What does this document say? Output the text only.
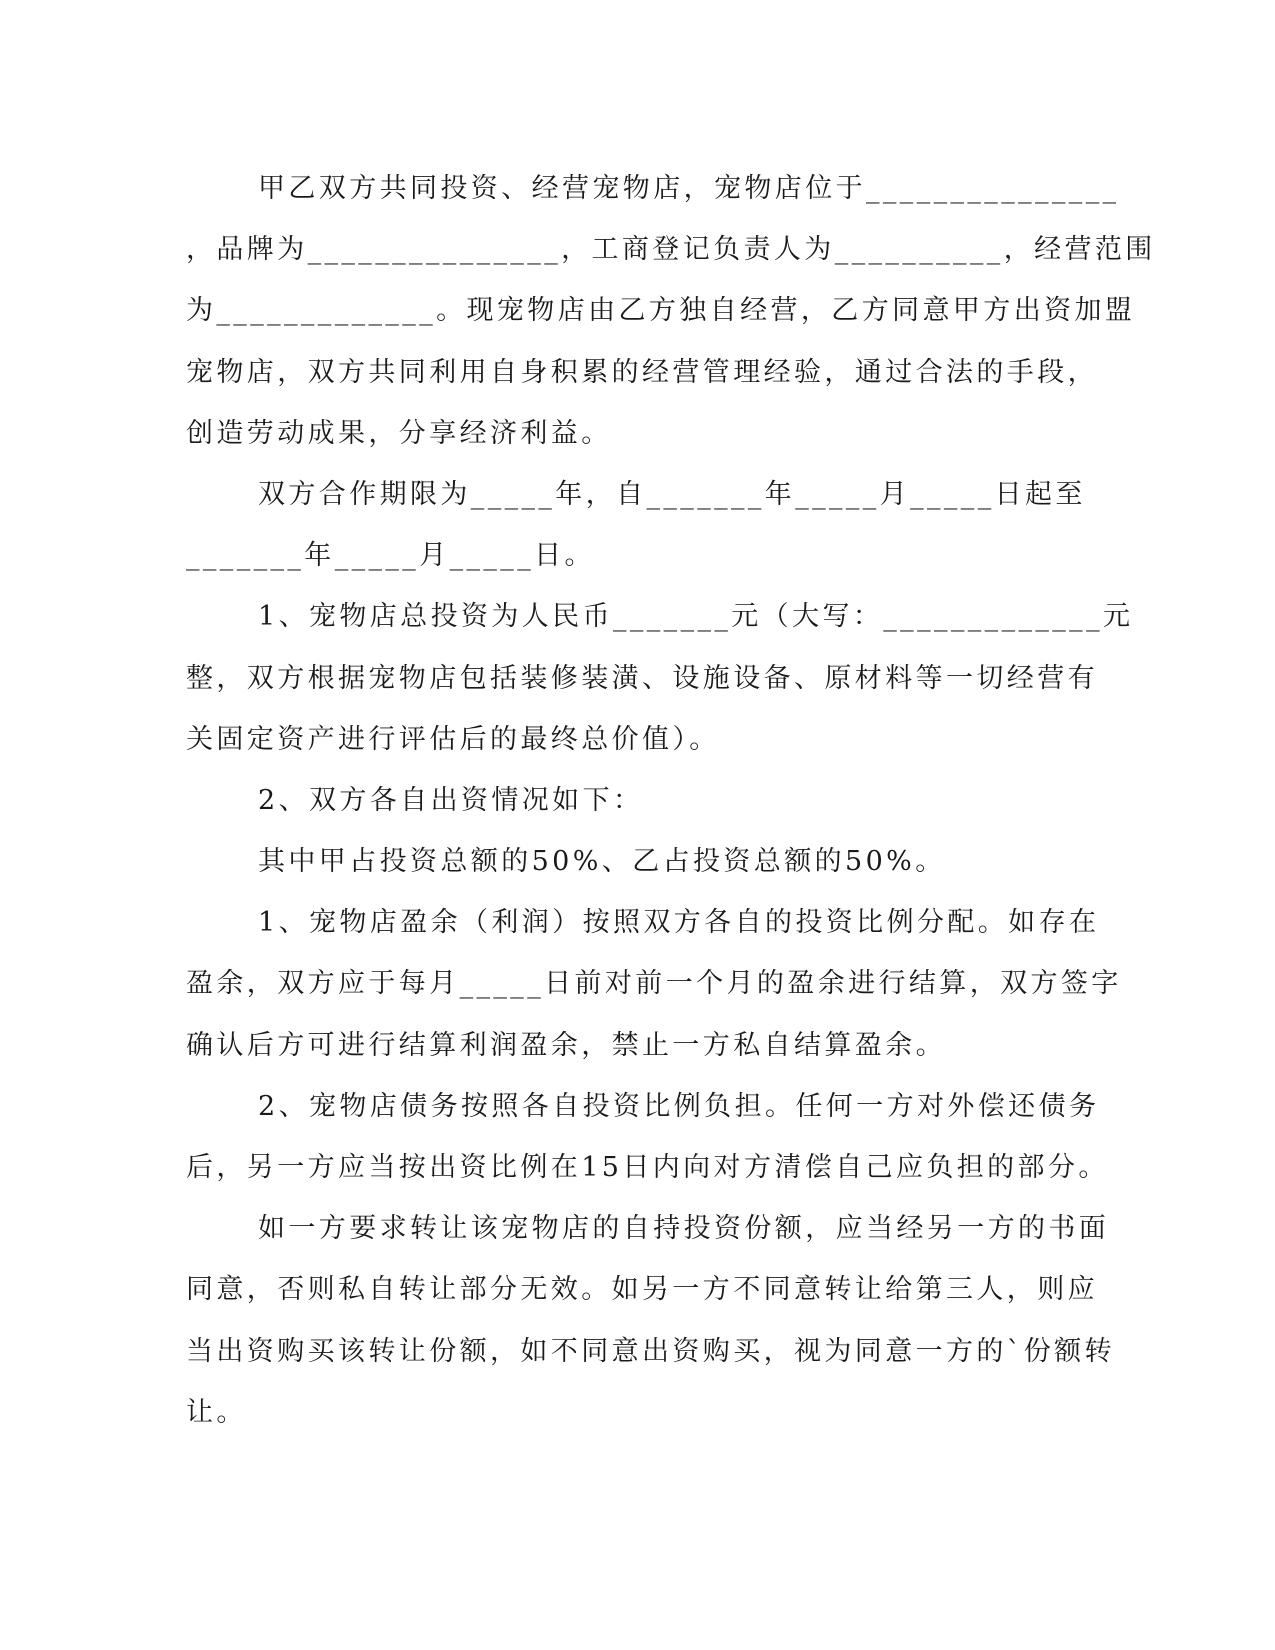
甲乙双方共同投资、经营宠物店，宠物店位于_______________
，品牌为_______________，工商登记负责人为__________，经营范围
为_____________。现宠物店由乙方独自经营，乙方同意甲方出资加盟
宠物店，双方共同利用自身积累的经营管理经验，通过合法的手段，
创造劳动成果，分享经济利益。
双方合作期限为_____年，自_______年_____月_____日起至
_______年_____月_____日。
1、宠物店总投资为人民币_______元（大写：_____________元
整，双方根据宠物店包括装修装潢、设施设备、原材料等一切经营有
关固定资产进行评估后的最终总价值）。
2、双方各自出资情况如下：
其中甲占投资总额的50%、乙占投资总额的50%。
1、宠物店盈余（利润）按照双方各自的投资比例分配。如存在
盈余，双方应于每月_____日前对前一个月的盈余进行结算，双方签字
确认后方可进行结算利润盈余，禁止一方私自结算盈余。
2、宠物店债务按照各自投资比例负担。任何一方对外偿还债务
后，另一方应当按出资比例在15日内向对方清偿自己应负担的部分。
如一方要求转让该宠物店的自持投资份额，应当经另一方的书面
同意，否则私自转让部分无效。如另一方不同意转让给第三人，则应
当出资购买该转让份额，如不同意出资购买，视为同意一方的`份额转
让。
